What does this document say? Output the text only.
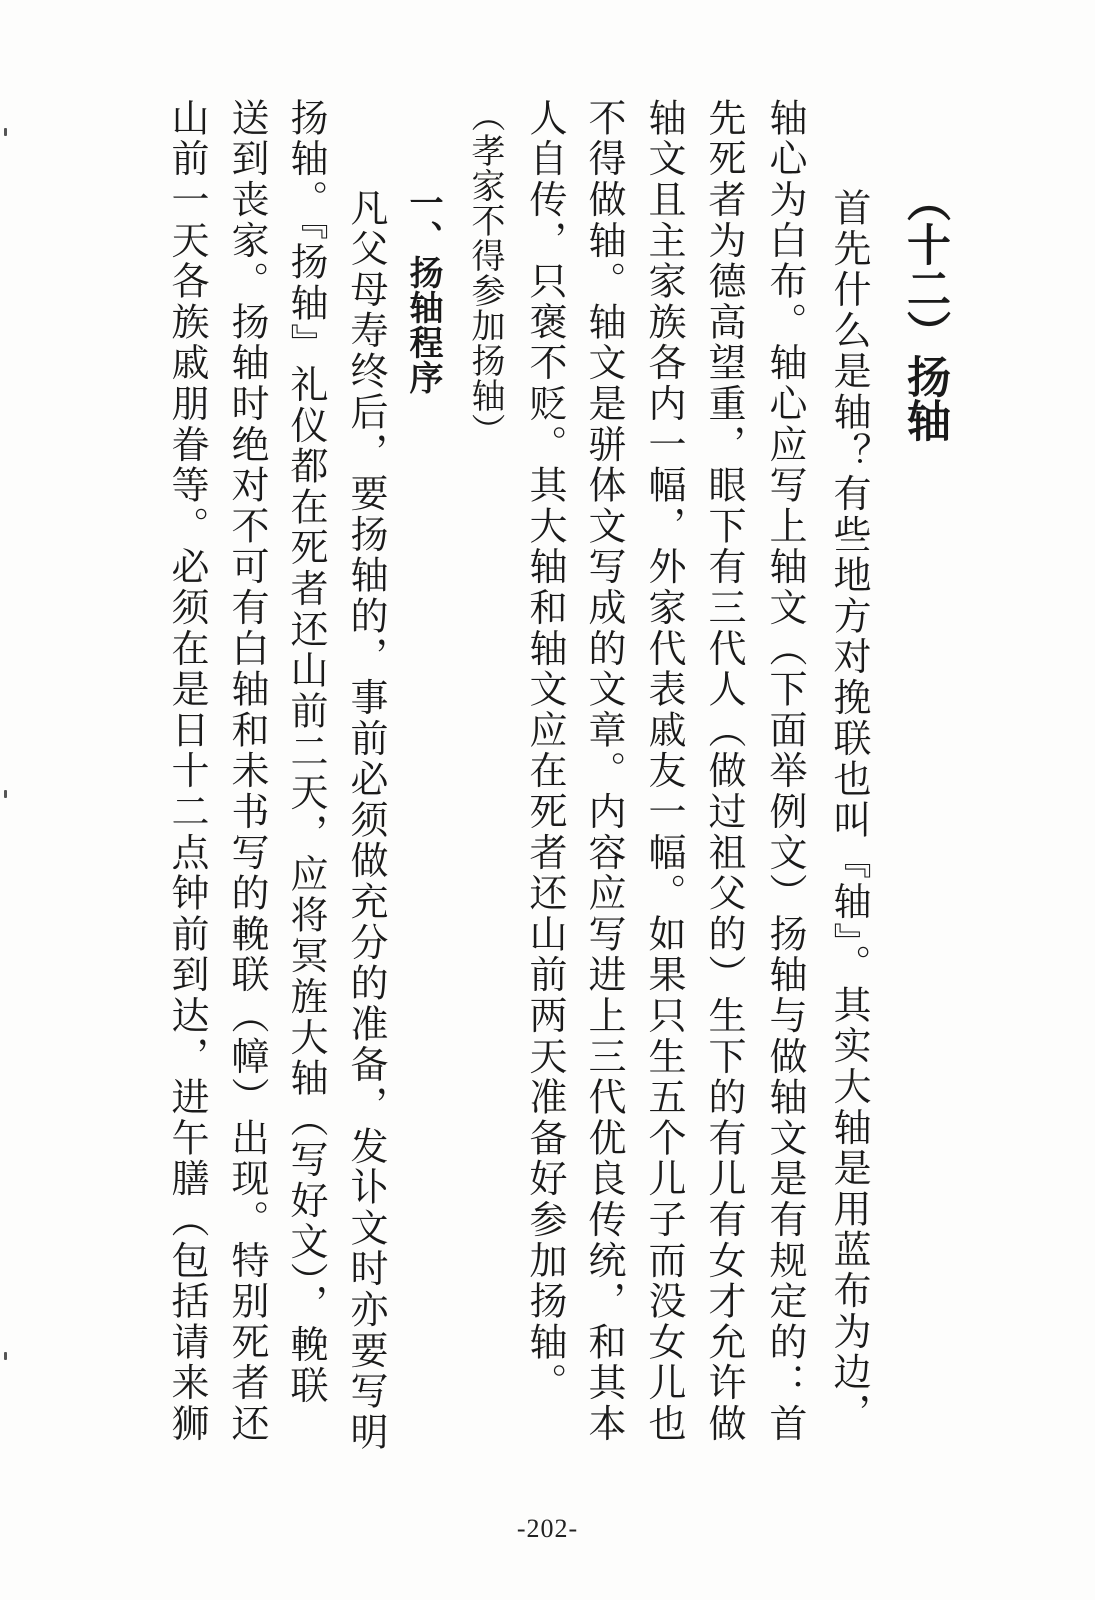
（十二）扬轴
首先什么是轴？有些地方对挽联也叫『轴』。其实大轴是用蓝布为边，
轴心为白布。轴心应写上轴文（下面举例文）扬轴与做轴文是有规定的：首
先死者为德高望重，眼下有三代人（做过祖父的）生下的有儿有女才允许做
轴文且主家族各内一幅，外家代表戚友一幅。如果只生五个儿子而没女儿也
不得做轴。轴文是骈体文写成的文章。内容应写进上三代优良传统，和其本
人自传，只褒不贬。其大轴和轴文应在死者还山前两天准备好参加扬轴。
（孝家不得参加扬轴）
一、扬轴程序
凡父母寿终后，要扬轴的，事前必须做充分的准备，发讣文时亦要写明
扬轴。『扬轴』礼仪都在死者还山前二天，应将冥旌大轴（写好文），輓联
送到丧家。扬轴时绝对不可有白轴和未书写的輓联（幛）出现。特别死者还
山前一天各族戚朋眷等。必须在是日十二点钟前到达，进午膳（包括请来狮
-202-
